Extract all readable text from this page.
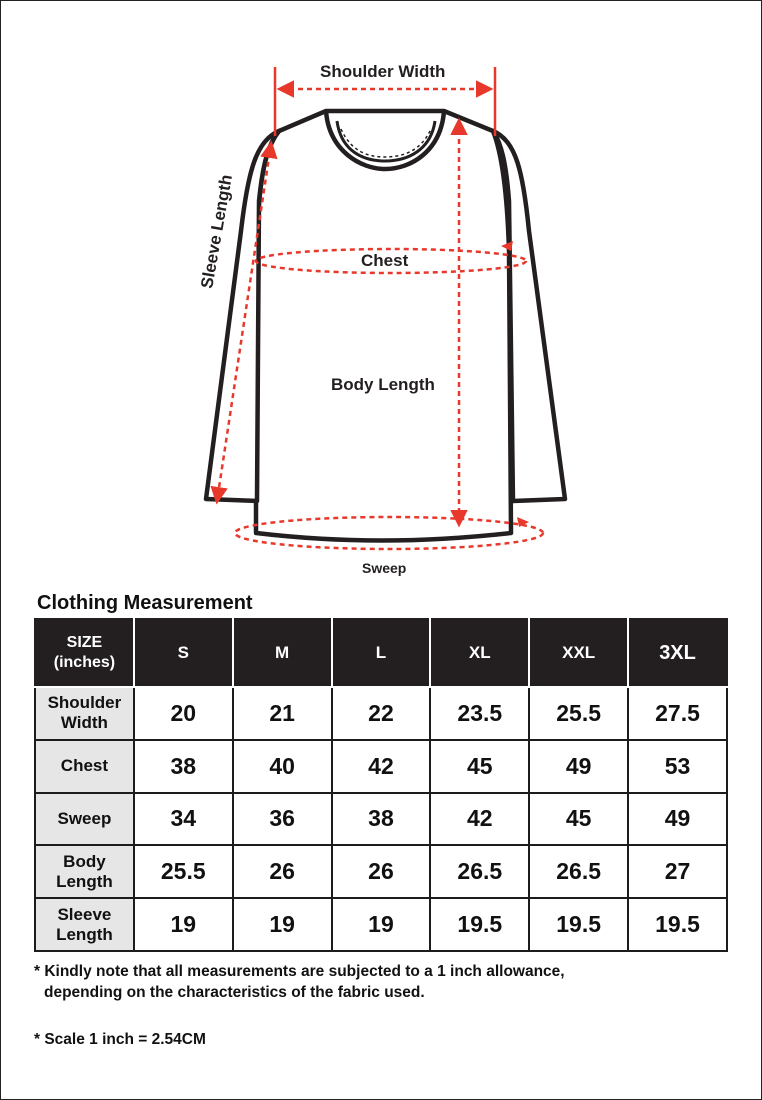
Shoulder Width
Sleeve Length	Chest
Body Length
Sweep
Clothing Measurement
SIZE
(inches)	S	M	L	XL	XXL	3XL

Shoulder
Width	20	21	22	23.5	25.5	27.5

Chest	38	40	42	45	49	53

Sweep	34	36	38	42	45	49

Body
Length	25.5	26	26	26.5	26.5	27

Sleeve
Length	19	19	19	19.5	19.5	19.5
* Kindly note that all measurements are subjected to a 1 inch allowance,
depending on the characteristics of the fabric used.
* Scale 1 inch = 2.54CM
